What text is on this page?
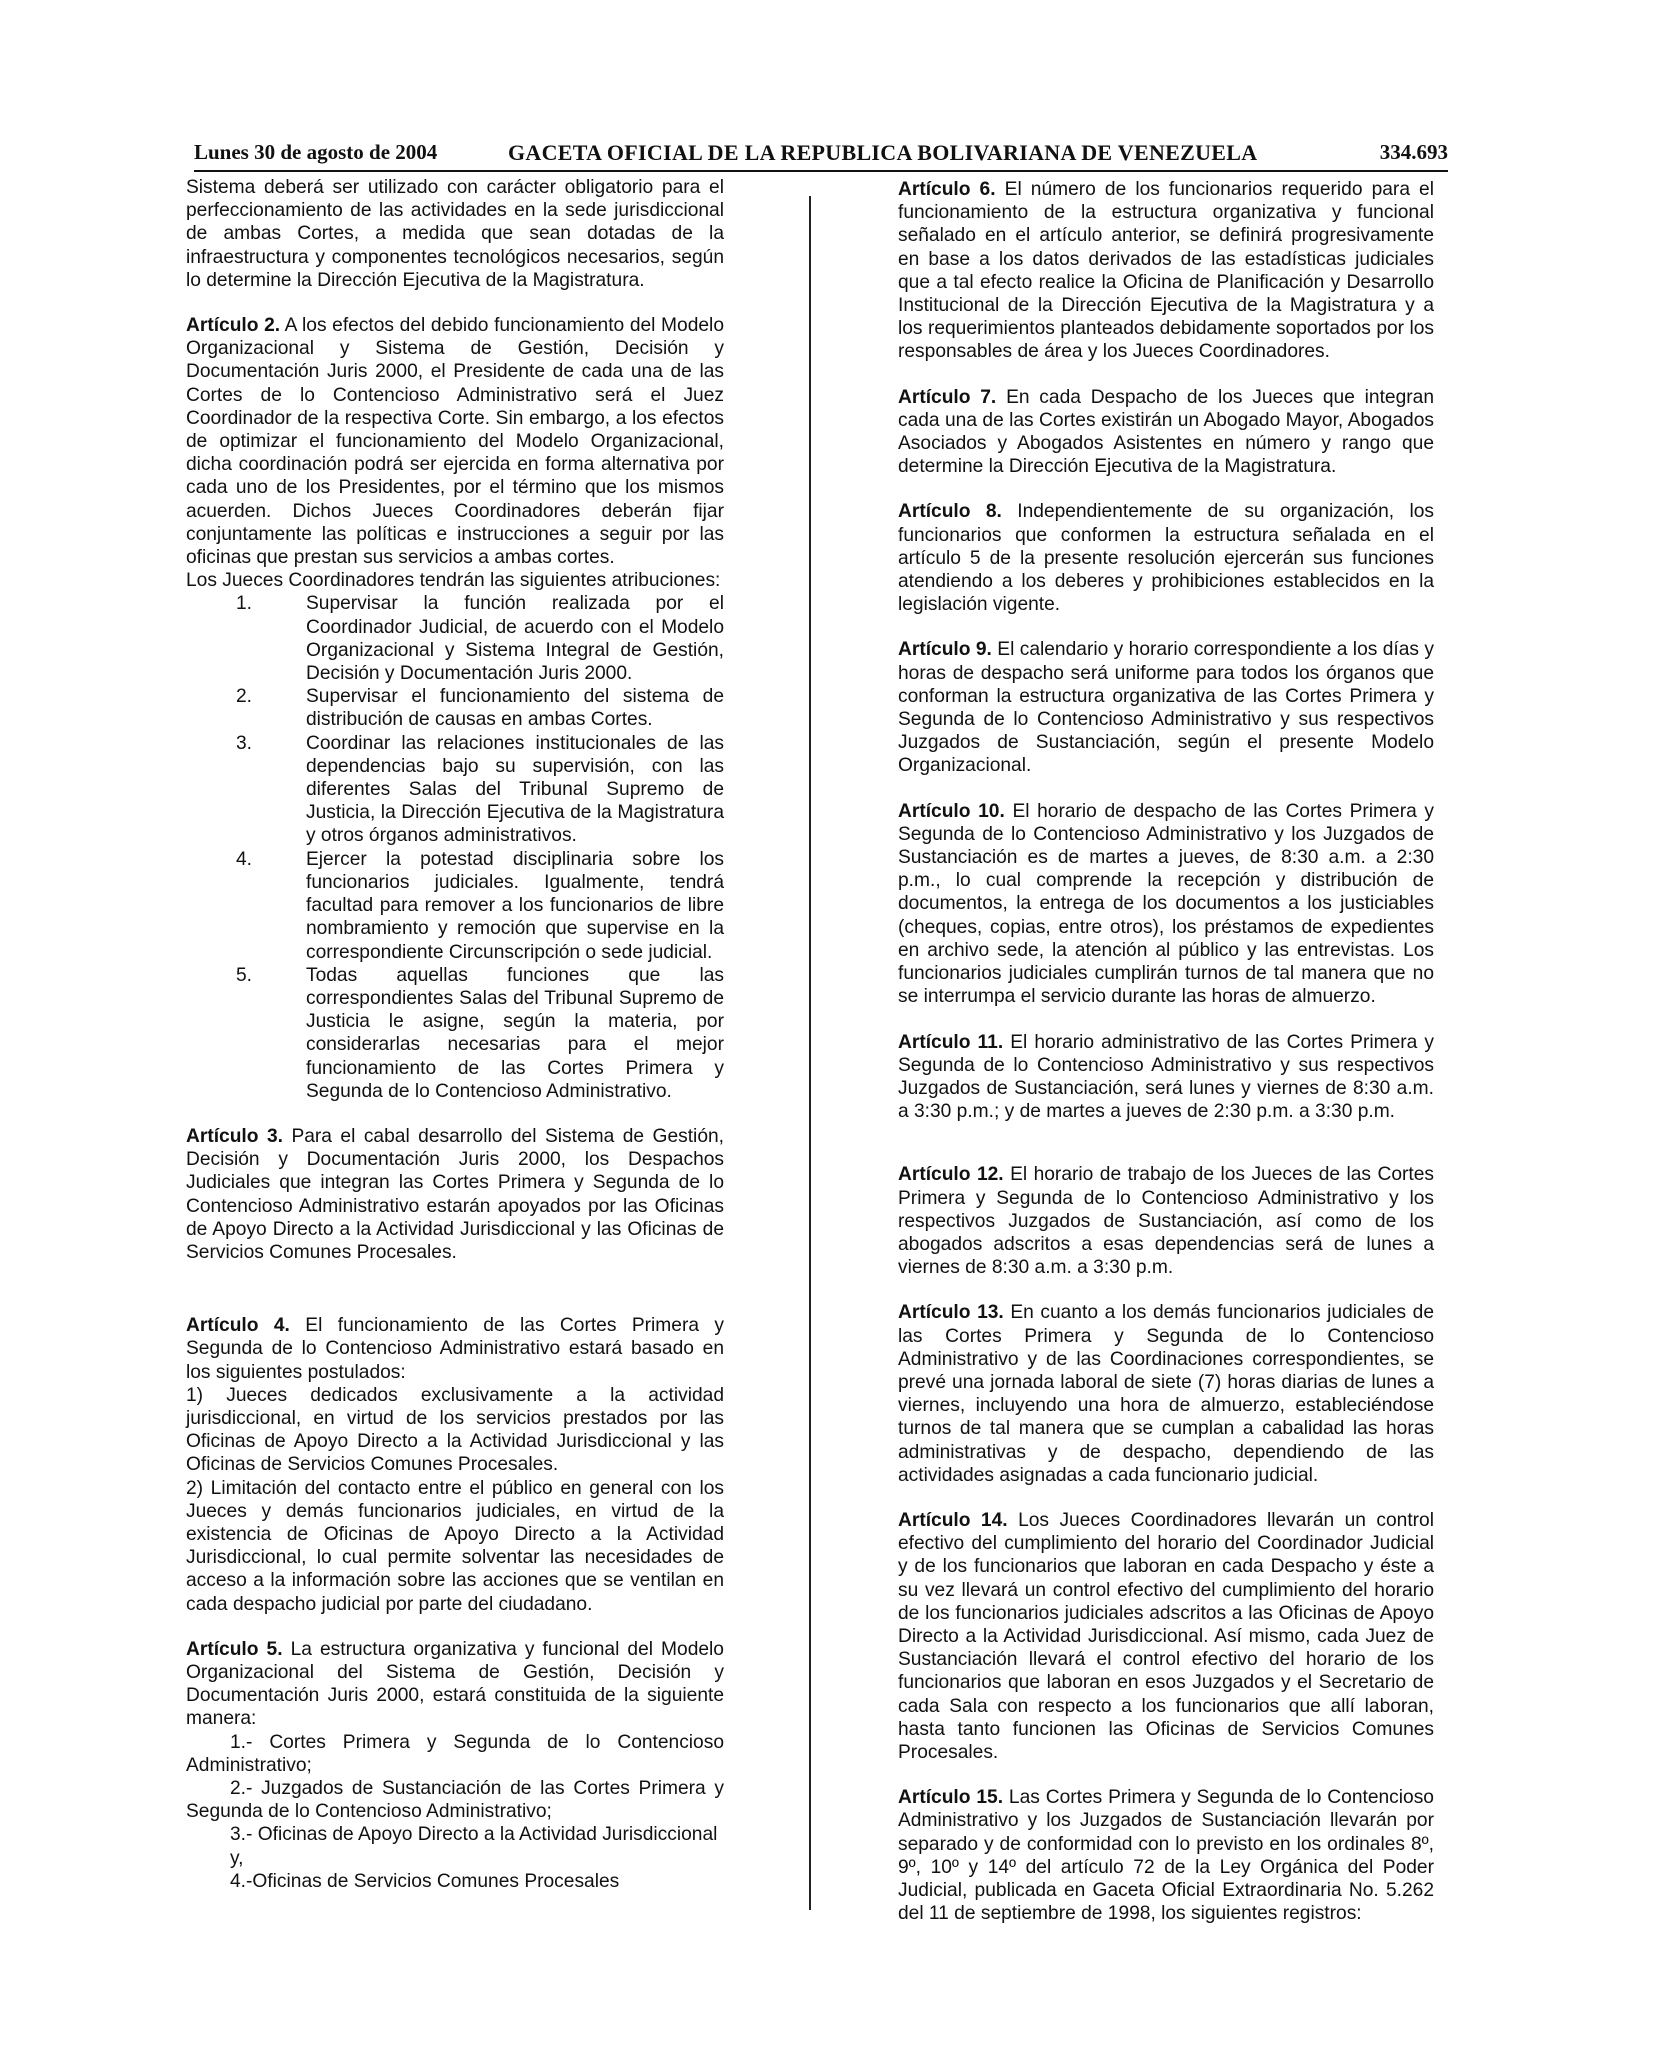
Lunes 30 de agosto de 2004	GACETA OFICIAL DE LA REPUBLICA BOLIVARIANA DE VENEZUELA	334.693

Sistema deberá ser utilizado con carácter obligatorio para el perfeccionamiento de las actividades en la sede jurisdiccional de ambas Cortes, a medida que sean dotadas de la infraestructura y componentes tecnológicos necesarios, según lo determine la Dirección Ejecutiva de la Magistratura.

Artículo 2. A los efectos del debido funcionamiento del Modelo Organizacional y Sistema de Gestión, Decisión y Documentación Juris 2000, el Presidente de cada una de las Cortes de lo Contencioso Administrativo será el Juez Coordinador de la respectiva Corte. Sin embargo, a los efectos de optimizar el funcionamiento del Modelo Organizacional, dicha coordinación podrá ser ejercida en forma alternativa por cada uno de los Presidentes, por el término que los mismos acuerden. Dichos Jueces Coordinadores deberán fijar conjuntamente las políticas e instrucciones a seguir por las oficinas que prestan sus servicios a ambas cortes.

Los Jueces Coordinadores tendrán las siguientes atribuciones:

1.	Supervisar la función realizada por el Coordinador Judicial, de acuerdo con el Modelo Organizacional y Sistema Integral de Gestión, Decisión y Documentación Juris 2000.
2.	Supervisar el funcionamiento del sistema de distribución de causas en ambas Cortes.
3.	Coordinar las relaciones institucionales de las dependencias bajo su supervisión, con las diferentes Salas del Tribunal Supremo de Justicia, la Dirección Ejecutiva de la Magistratura y otros órganos administrativos.
4.	Ejercer la potestad disciplinaria sobre los funcionarios judiciales. Igualmente, tendrá facultad para remover a los funcionarios de libre nombramiento y remoción que supervise en la correspondiente Circunscripción o sede judicial.
5.	Todas aquellas funciones que las correspondientes Salas del Tribunal Supremo de Justicia le asigne, según la materia, por considerarlas necesarias para el mejor funcionamiento de las Cortes Primera y Segunda de lo Contencioso Administrativo.

Artículo 3. Para el cabal desarrollo del Sistema de Gestión, Decisión y Documentación Juris 2000, los Despachos Judiciales que integran las Cortes Primera y Segunda de lo Contencioso Administrativo estarán apoyados por las Oficinas de Apoyo Directo a la Actividad Jurisdiccional y las Oficinas de Servicios Comunes Procesales.

Artículo 4. El funcionamiento de las Cortes Primera y Segunda de lo Contencioso Administrativo estará basado en los siguientes postulados:

1) Jueces dedicados exclusivamente a la actividad jurisdiccional, en virtud de los servicios prestados por las Oficinas de Apoyo Directo a la Actividad Jurisdiccional y las Oficinas de Servicios Comunes Procesales.

2) Limitación del contacto entre el público en general con los Jueces y demás funcionarios judiciales, en virtud de la existencia de Oficinas de Apoyo Directo a la Actividad Jurisdiccional, lo cual permite solventar las necesidades de acceso a la información sobre las acciones que se ventilan en cada despacho judicial por parte del ciudadano.

Artículo 5. La estructura organizativa y funcional del Modelo Organizacional del Sistema de Gestión, Decisión y Documentación Juris 2000, estará constituida de la siguiente manera:

1.- Cortes Primera y Segunda de lo Contencioso Administrativo;

2.- Juzgados de Sustanciación de las Cortes Primera y Segunda de lo Contencioso Administrativo;

3.- Oficinas de Apoyo Directo a la Actividad Jurisdiccional y,

4.-Oficinas de Servicios Comunes Procesales

Artículo 6. El número de los funcionarios requerido para el funcionamiento de la estructura organizativa y funcional señalado en el artículo anterior, se definirá progresivamente en base a los datos derivados de las estadísticas judiciales que a tal efecto realice la Oficina de Planificación y Desarrollo Institucional de la Dirección Ejecutiva de la Magistratura y a los requerimientos planteados debidamente soportados por los responsables de área y los Jueces Coordinadores.

Artículo 7. En cada Despacho de los Jueces que integran cada una de las Cortes existirán un Abogado Mayor, Abogados Asociados y Abogados Asistentes en número y rango que determine la Dirección Ejecutiva de la Magistratura.

Artículo 8. Independientemente de su organización, los funcionarios que conformen la estructura señalada en el artículo 5 de la presente resolución ejercerán sus funciones atendiendo a los deberes y prohibiciones establecidos en la legislación vigente.

Artículo 9. El calendario y horario correspondiente a los días y horas de despacho será uniforme para todos los órganos que conforman la estructura organizativa de las Cortes Primera y Segunda de lo Contencioso Administrativo y sus respectivos Juzgados de Sustanciación, según el presente Modelo Organizacional.

Artículo 10. El horario de despacho de las Cortes Primera y Segunda de lo Contencioso Administrativo y los Juzgados de Sustanciación es de martes a jueves, de 8:30 a.m. a 2:30 p.m., lo cual comprende la recepción y distribución de documentos, la entrega de los documentos a los justiciables (cheques, copias, entre otros), los préstamos de expedientes en archivo sede, la atención al público y las entrevistas. Los funcionarios judiciales cumplirán turnos de tal manera que no se interrumpa el servicio durante las horas de almuerzo.

Artículo 11. El horario administrativo de las Cortes Primera y Segunda de lo Contencioso Administrativo y sus respectivos Juzgados de Sustanciación, será lunes y viernes de 8:30 a.m. a 3:30 p.m.; y de martes a jueves de 2:30 p.m. a 3:30 p.m.

Artículo 12. El horario de trabajo de los Jueces de las Cortes Primera y Segunda de lo Contencioso Administrativo y los respectivos Juzgados de Sustanciación, así como de los abogados adscritos a esas dependencias será de lunes a viernes de 8:30 a.m. a 3:30 p.m.

Artículo 13. En cuanto a los demás funcionarios judiciales de las Cortes Primera y Segunda de lo Contencioso Administrativo y de las Coordinaciones correspondientes, se prevé una jornada laboral de siete (7) horas diarias de lunes a viernes, incluyendo una hora de almuerzo, estableciéndose turnos de tal manera que se cumplan a cabalidad las horas administrativas y de despacho, dependiendo de las actividades asignadas a cada funcionario judicial.

Artículo 14. Los Jueces Coordinadores llevarán un control efectivo del cumplimiento del horario del Coordinador Judicial y de los funcionarios que laboran en cada Despacho y éste a su vez llevará un control efectivo del cumplimiento del horario de los funcionarios judiciales adscritos a las Oficinas de Apoyo Directo a la Actividad Jurisdiccional. Así mismo, cada Juez de Sustanciación llevará el control efectivo del horario de los funcionarios que laboran en esos Juzgados y el Secretario de cada Sala con respecto a los funcionarios que allí laboran, hasta tanto funcionen las Oficinas de Servicios Comunes Procesales.

Artículo 15. Las Cortes Primera y Segunda de lo Contencioso Administrativo y los Juzgados de Sustanciación llevarán por separado y de conformidad con lo previsto en los ordinales 8º, 9º, 10º y 14º del artículo 72 de la Ley Orgánica del Poder Judicial, publicada en Gaceta Oficial Extraordinaria No. 5.262 del 11 de septiembre de 1998, los siguientes registros:
